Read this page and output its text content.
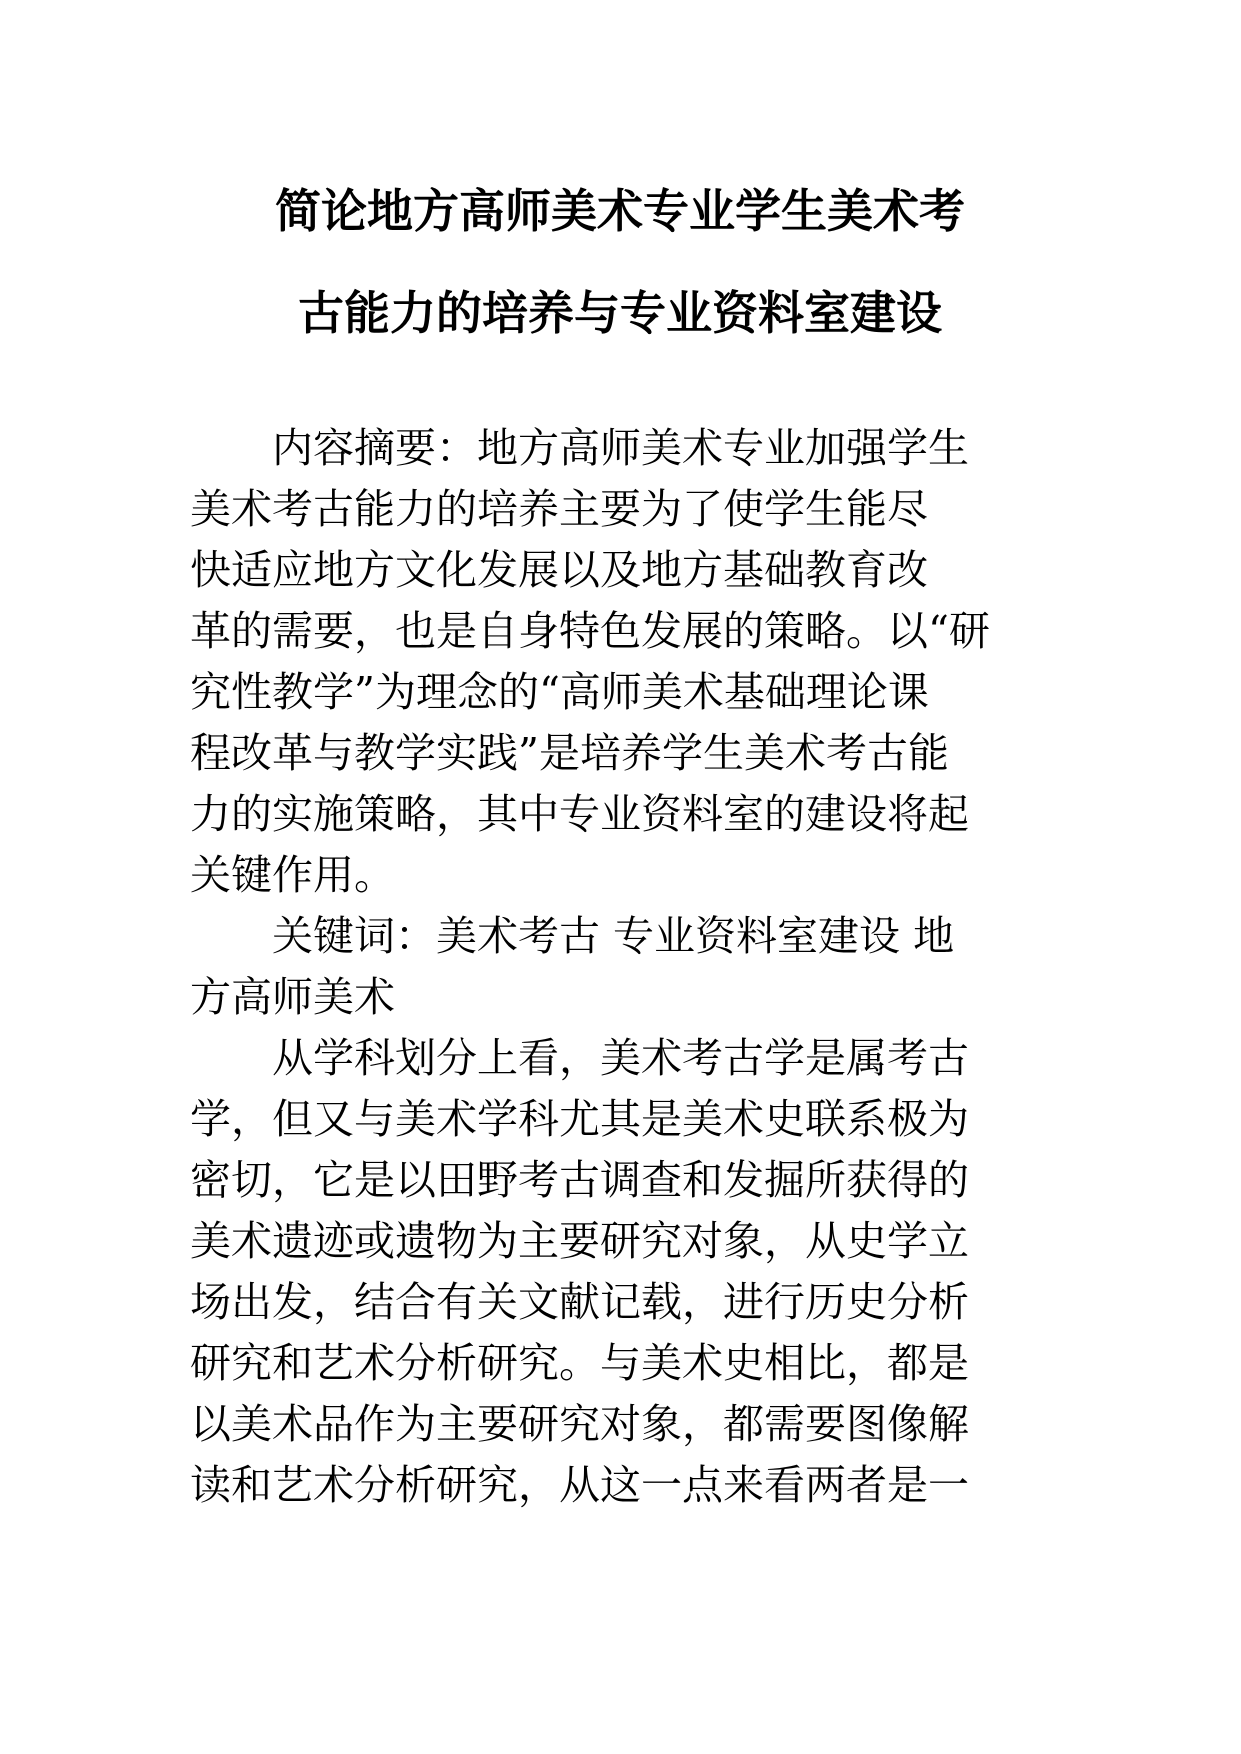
简论地方高师美术专业学生美术考
古能力的培养与专业资料室建设
　　内容摘要：地方高师美术专业加强学生
美术考古能力的培养主要为了使学生能尽
快适应地方文化发展以及地方基础教育改
革的需要，也是自身特色发展的策略。以“研
究性教学”为理念的“高师美术基础理论课
程改革与教学实践”是培养学生美术考古能
力的实施策略，其中专业资料室的建设将起
关键作用。
　　关键词：美术考古 专业资料室建设 地
方高师美术
　　从学科划分上看，美术考古学是属考古
学，但又与美术学科尤其是美术史联系极为
密切，它是以田野考古调查和发掘所获得的
美术遗迹或遗物为主要研究对象，从史学立
场出发，结合有关文献记载，进行历史分析
研究和艺术分析研究。与美术史相比，都是
以美术品作为主要研究对象，都需要图像解
读和艺术分析研究，从这一点来看两者是一
